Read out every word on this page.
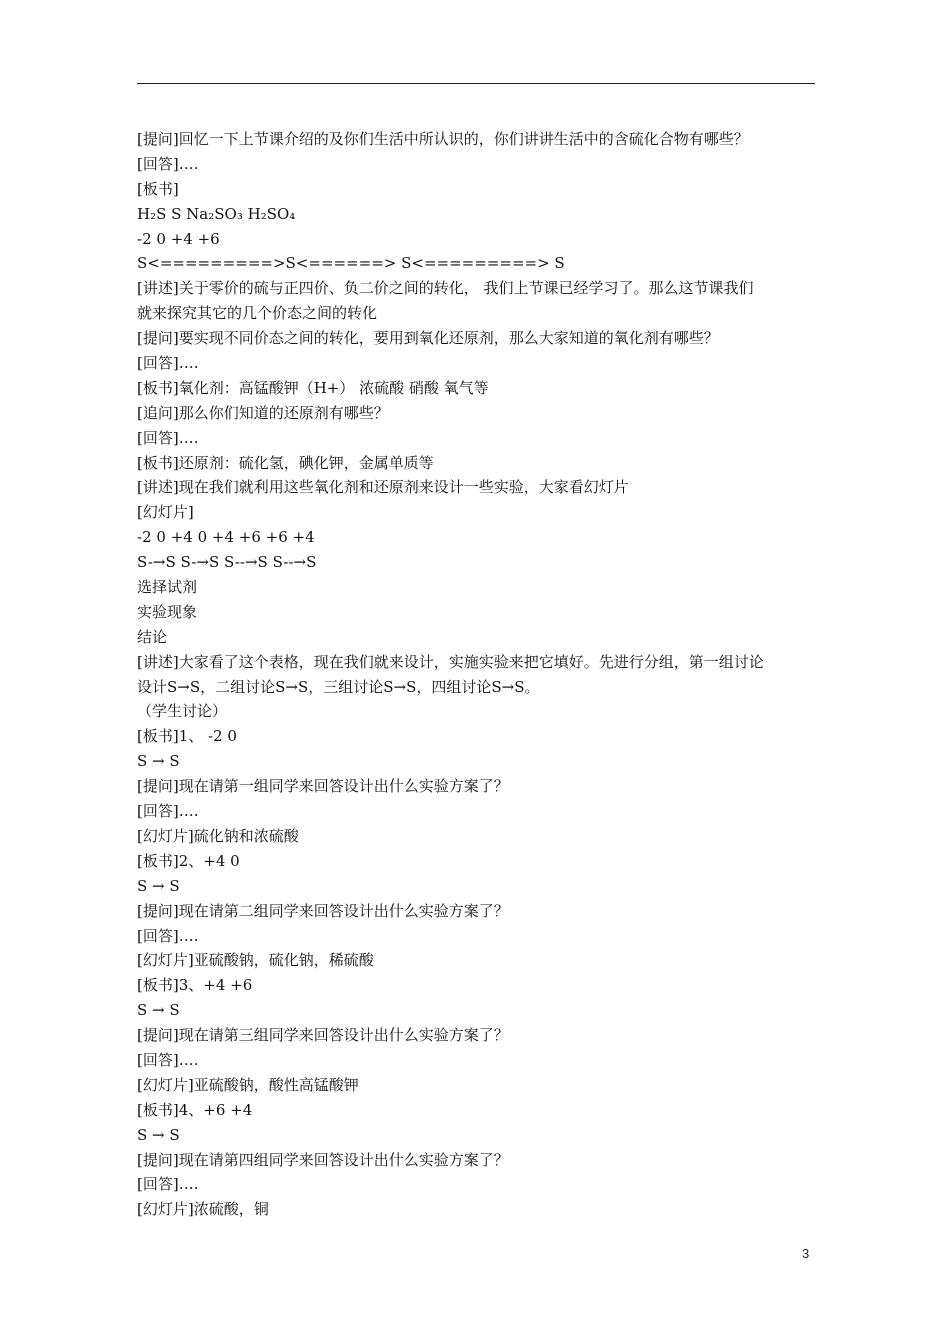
[提问]回忆一下上节课介绍的及你们生活中所认识的，你们讲讲生活中的含硫化合物有哪些？
[回答]….
[板书]
H₂S S Na₂SO₃ H₂SO₄
-2 0 +4 +6
S<=========>S<======> S<=========> S
[讲述]关于零价的硫与正四价、负二价之间的转化， 我们上节课已经学习了。那么这节课我们
就来探究其它的几个价态之间的转化
[提问]要实现不同价态之间的转化，要用到氧化还原剂，那么大家知道的氧化剂有哪些？
[回答]….
[板书]氧化剂：高锰酸钾（H+） 浓硫酸 硝酸 氧气等
[追问]那么你们知道的还原剂有哪些？
[回答]….
[板书]还原剂：硫化氢，碘化钾，金属单质等
[讲述]现在我们就利用这些氧化剂和还原剂来设计一些实验，大家看幻灯片
[幻灯片]
-2 0 +4 0 +4 +6 +6 +4
S-→S S-→S S--→S S--→S
选择试剂
实验现象
结论
[讲述]大家看了这个表格，现在我们就来设计，实施实验来把它填好。先进行分组，第一组讨论
设计S→S，二组讨论S→S，三组讨论S→S，四组讨论S→S。
（学生讨论）
[板书]1、 -2 0
S → S
[提问]现在请第一组同学来回答设计出什么实验方案了？
[回答]….
[幻灯片]硫化钠和浓硫酸
[板书]2、+4 0
S → S
[提问]现在请第二组同学来回答设计出什么实验方案了？
[回答]….
[幻灯片]亚硫酸钠，硫化钠，稀硫酸
[板书]3、+4 +6
S → S
[提问]现在请第三组同学来回答设计出什么实验方案了？
[回答]….
[幻灯片]亚硫酸钠，酸性高锰酸钾
[板书]4、+6 +4
S → S
[提问]现在请第四组同学来回答设计出什么实验方案了？
[回答]….
[幻灯片]浓硫酸，铜
3
